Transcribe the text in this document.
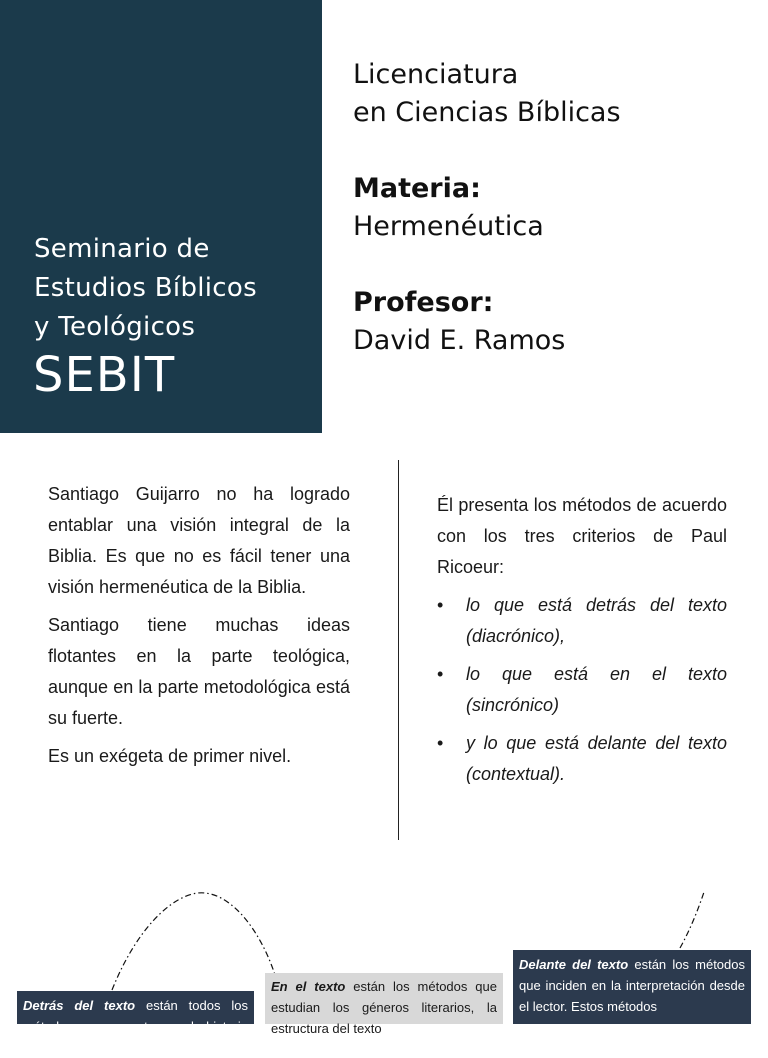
Seminario de
Estudios Bíblicos
y Teológicos
SEBIT
Licenciatura
en Ciencias Bíblicas
Materia:
Hermenéutica
Profesor:
David E. Ramos

Santiago Guijarro no ha logrado entablar una visión integral de la Biblia. Es que no es fácil tener una visión hermenéutica de la Biblia.

Santiago tiene muchas ideas flotantes en la parte teológica, aunque en la parte metodológica está su fuerte.

Es un exégeta de primer nivel.

Él presenta los métodos de acuerdo con los tres criterios de Paul Ricoeur:

• lo que está detrás del texto (diacrónico),
• lo que está en el texto (sincrónico)
• y lo que está delante del texto (contextual).
Detrás del texto están todos los métodos que se centran en la historia del texto
En el texto están los métodos que estudian los géneros literarios, la estructura del texto
Delante del texto están los métodos que inciden en la interpretación desde el lector. Estos métodos
